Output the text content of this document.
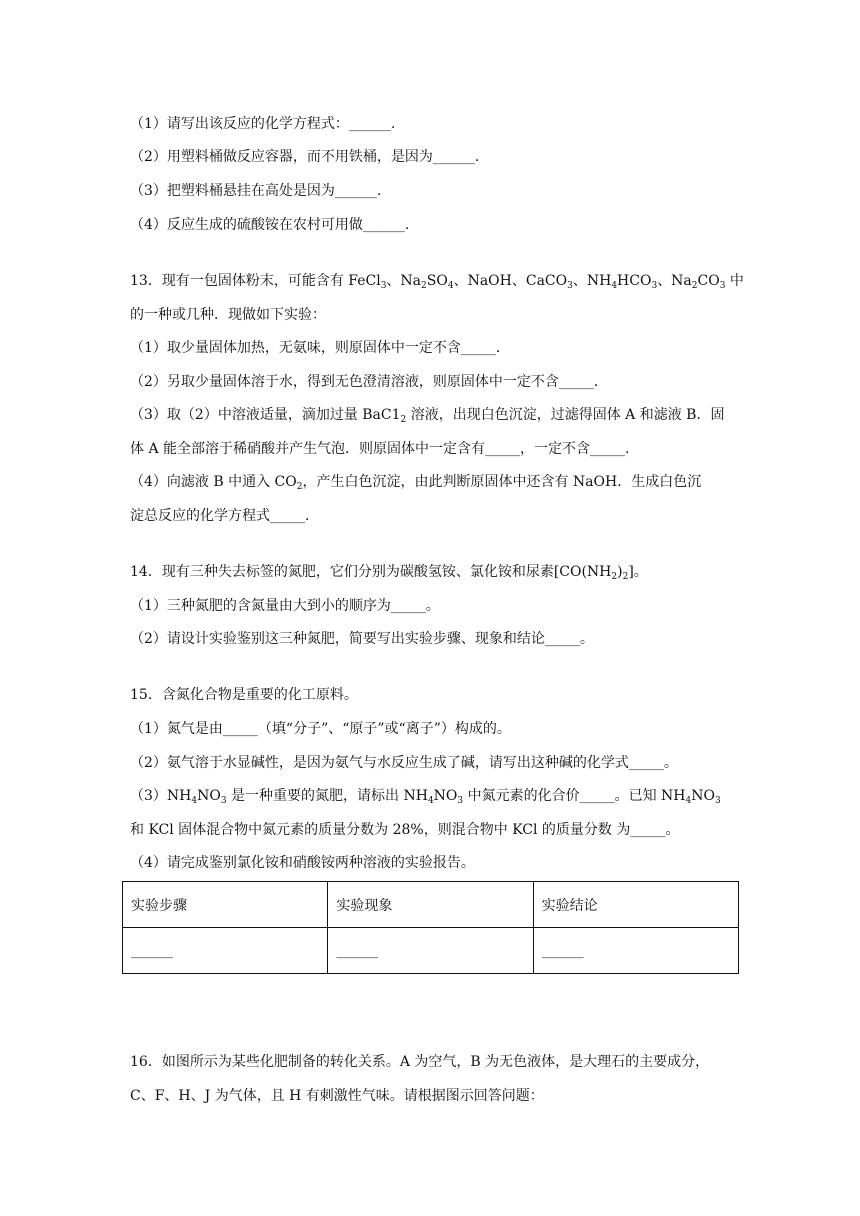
（1）请写出该反应的化学方程式：______.
（2）用塑料桶做反应容器，而不用铁桶，是因为______.
（3）把塑料桶悬挂在高处是因为______.
（4）反应生成的硫酸铵在农村可用做______.
13．现有一包固体粉末，可能含有 FeCl$_3$、$Na_2SO_4$、NaOH、CaCO$_3$、$NH_4HCO_3$、$Na_2CO_3$ 中
的一种或几种．现做如下实验：
（1）取少量固体加热，无氨味，则原固体中一定不含_____．
（2）另取少量固体溶于水，得到无色澄清溶液，则原固体中一定不含_____．
（3）取（2）中溶液适量，滴加过量 $BaC1_2$ 溶液，出现白色沉淀，过滤得固体 A 和滤液 B．固
体 A 能全部溶于稀硝酸并产生气泡．则原固体中一定含有_____，一定不含_____．
（4）向滤液 B 中通入 $CO_2$，产生白色沉淀，由此判断原固体中还含有 NaOH．生成白色沉
淀总反应的化学方程式_____．
14．现有三种失去标签的氮肥，它们分别为碳酸氢铵、氯化铵和尿素$[CO(NH_2)_2]$。
（1）三种氮肥的含氮量由大到小的顺序为_____。
（2）请设计实验鉴别这三种氮肥，简要写出实验步骤、现象和结论_____。
15．含氮化合物是重要的化工原料。
（1）氮气是由_____（填“分子”、“原子”或“离子”）构成的。
（2）氨气溶于水显碱性，是因为氨气与水反应生成了碱，请写出这种碱的化学式_____。
$(3)NH_4NO_3$ 是一种重要的氮肥，请标出 $NH_4NO_3$ 中氮元素的化合价_____。已知 $NH_4NO_3$
和 KCl 固体混合物中氮元素的质量分数为 28%，则混合物中 KCl 的质量分数 为_____。
（4）请完成鉴别氯化铵和硝酸铵两种溶液的实验报告。
实验步骤	实验现象	实验结论
______	______	______
16．如图所示为某些化肥制备的转化关系。A 为空气，B 为无色液体，是大理石的主要成分，
C、F、H、J 为气体，且 H 有刺激性气味。请根据图示回答问题：
